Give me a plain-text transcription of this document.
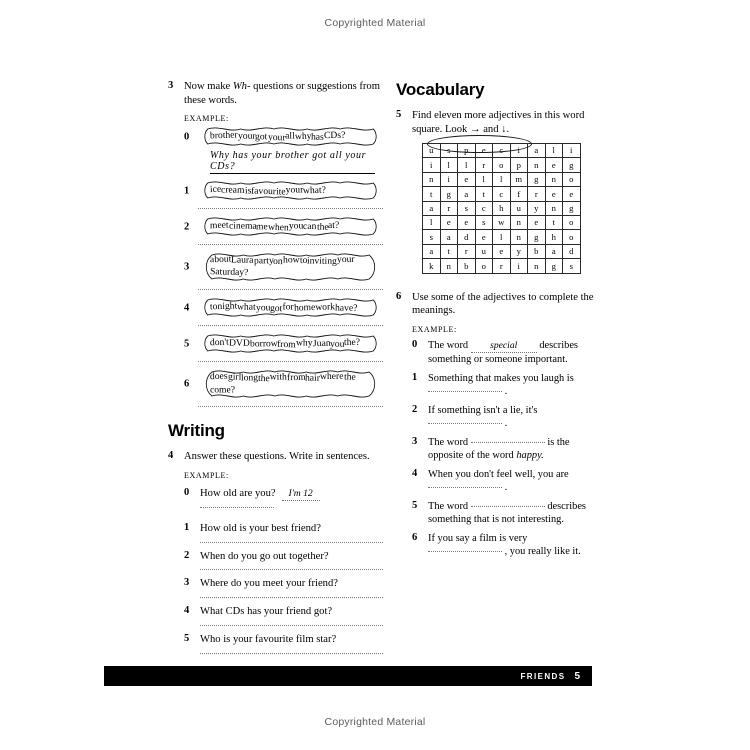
Copyrighted Material
Copyrighted Material
3 Now make Wh- questions or suggestions from these words.
EXAMPLE:
0 brotheryourgotyourallwhyhasCDs?
Why has your brother got all your CDs?
1 icecreamisfavouriteyourwhat?
2 meetcinemamewhenyoucantheat?
3
aboutLaurapartyonhowtoinvitingyourSaturday?
4 tonightwhatyougotforhomeworkhave?
5 don'tDVDborrowfromwhyJuanyouthe?
6
doesgirllongthewithfromhairwherethecome?
Writing
4 Answer these questions. Write in sentences.
EXAMPLE:
0 How old are you? I'm 12
1 How old is your best friend?
2 When do you go out together?
3 Where do you meet your friend?
4 What CDs has your friend got?
5 Who is your favourite film star?
Vocabulary
5 Find eleven more adjectives in this word square. Look → and ↓.
u	s	p	e	c	i	a	l	i
i	l	l	r	o	p	n	e	g
n	i	e	l	l	m	g	n	o
t	g	a	t	c	f	r	e	e
a	r	s	c	h	u	y	n	g
l	e	e	s	w	n	e	t	o
s	a	d	e	l	n	g	h	o
a	t	r	u	e	y	b	a	d
k	n	b	o	r	i	n	g	s
6 Use some of the adjectives to complete the meanings.
EXAMPLE:
0 The word special describes something or someone important.
1 Something that makes you laugh is  .
2 If something isn't a lie, it's  .
3 The word	is the opposite of the word happy.
4 When you don't feel well, you are  .
5 The word	describes something that is not interesting.
6 If you say a film is very  , you really like it.
FRIENDS 5
